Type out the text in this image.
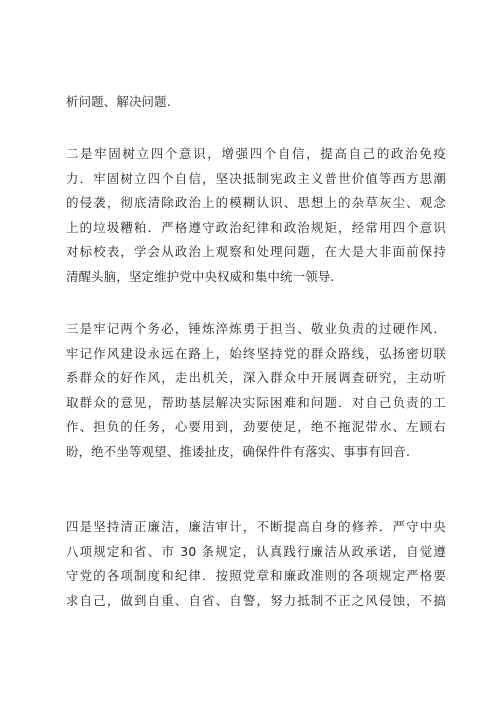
析问题、解决问题.
二是牢固树立四个意识，增强四个自信，提高自己的政治免疫
力．牢固树立四个自信，坚决抵制宪政主义普世价值等西方思潮
的侵袭，彻底清除政治上的模糊认识、思想上的杂草灰尘、观念
上的垃圾糟粕．严格遵守政治纪律和政治规矩，经常用四个意识
对标校表，学会从政治上观察和处理问题，在大是大非面前保持
清醒头脑，坚定维护党中央权威和集中统一领导.
三是牢记两个务必，锤炼淬炼勇于担当、敬业负责的过硬作风．
牢记作风建设永远在路上，始终坚持党的群众路线，弘扬密切联
系群众的好作风，走出机关，深入群众中开展调查研究，主动听
取群众的意见，帮助基层解决实际困难和问题．对自己负责的工
作、担负的任务，心要用到，劲要使足，绝不拖泥带水、左顾右
盼，绝不坐等观望、推诿扯皮，确保件件有落实、事事有回音.
四是坚持清正廉洁，廉洁审计，不断提高自身的修养．严守中央
八项规定和省、市 30 条规定，认真践行廉洁从政承诺，自觉遵
守党的各项制度和纪律．按照党章和廉政准则的各项规定严格要
求自己，做到自重、自省、自警，努力抵制不正之风侵蚀，不搞
